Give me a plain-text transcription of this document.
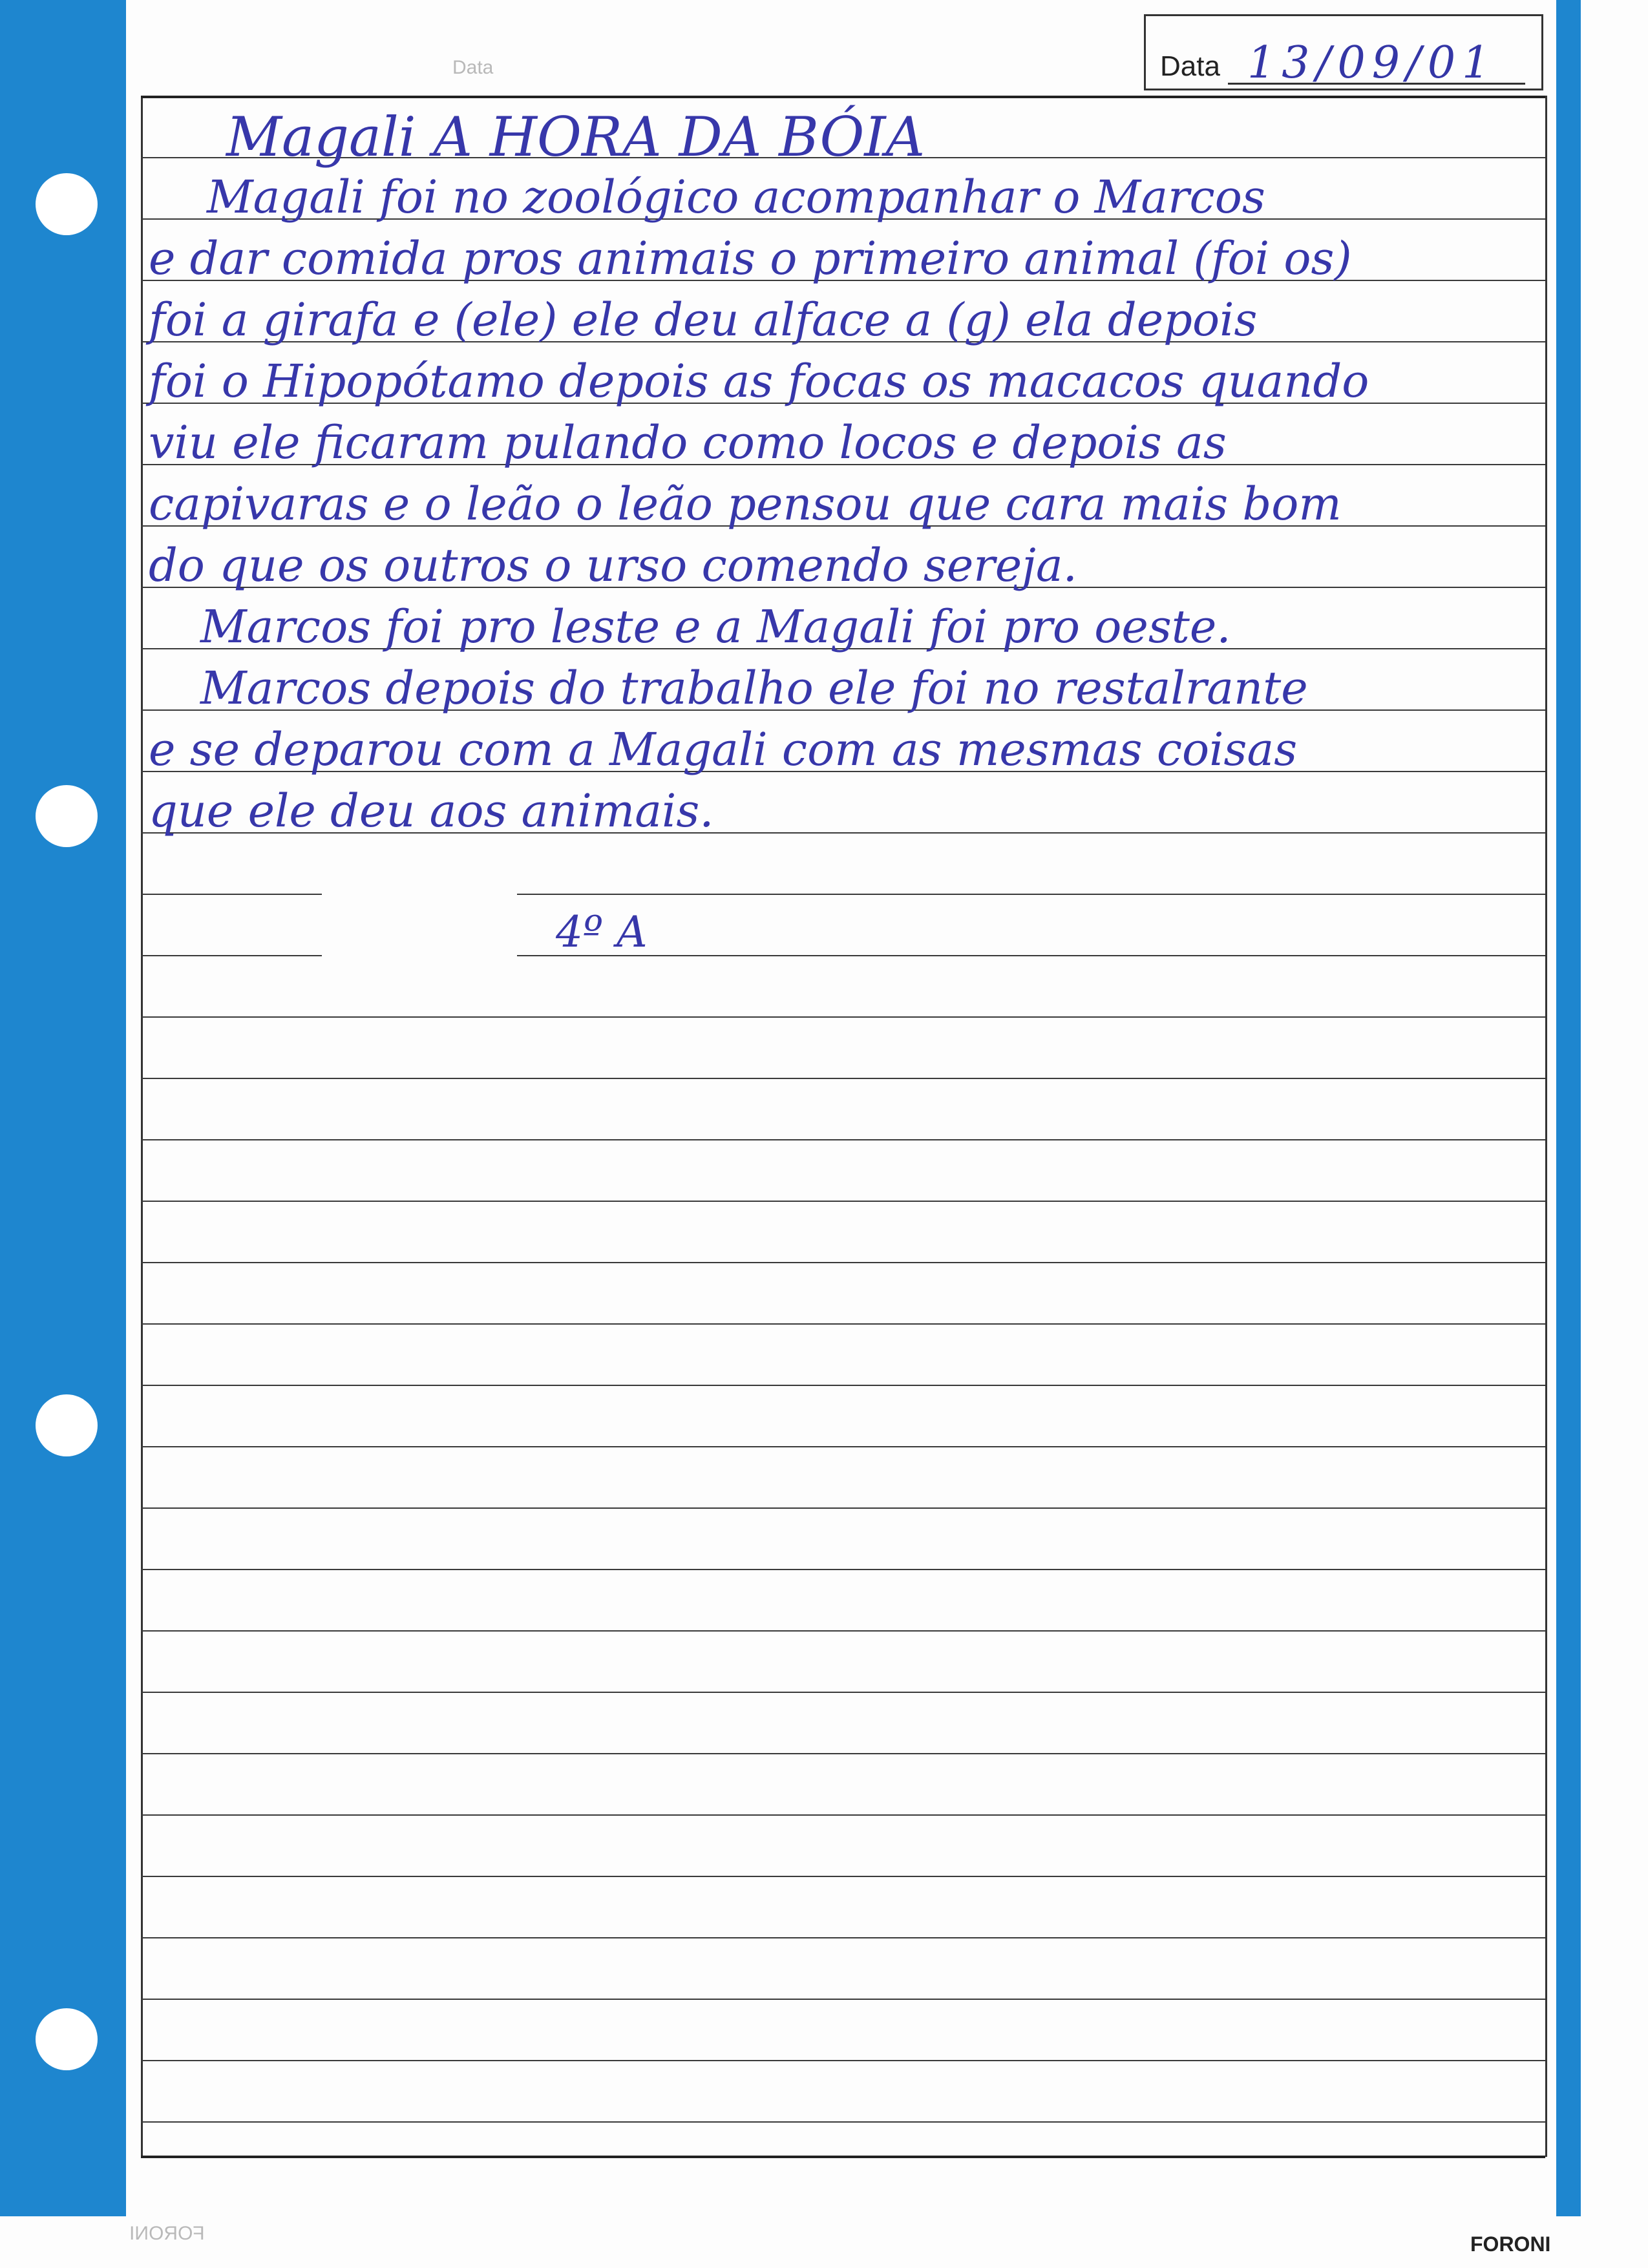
Data	Data 13/09/01
Magali A HORA DA BÓIA
Magali foi no zoológico acompanhar o Marcos
e dar comida pros animais o primeiro animal (foi os)
foi a girafa e (ele) ele deu alface a (g) ela depois
foi o Hipopótamo depois as focas os macacos quando
viu ele ficaram pulando como locos e depois as
capivaras e o leão o leão pensou que cara mais bom
do que os outros o urso comendo sereja.
Marcos foi pro leste e a Magali foi pro oeste.
Marcos depois do trabalho ele foi no restalrante
e se deparou com a Magali com as mesmas coisas
que ele deu aos animais.
4º A
FORONI	FORONI
